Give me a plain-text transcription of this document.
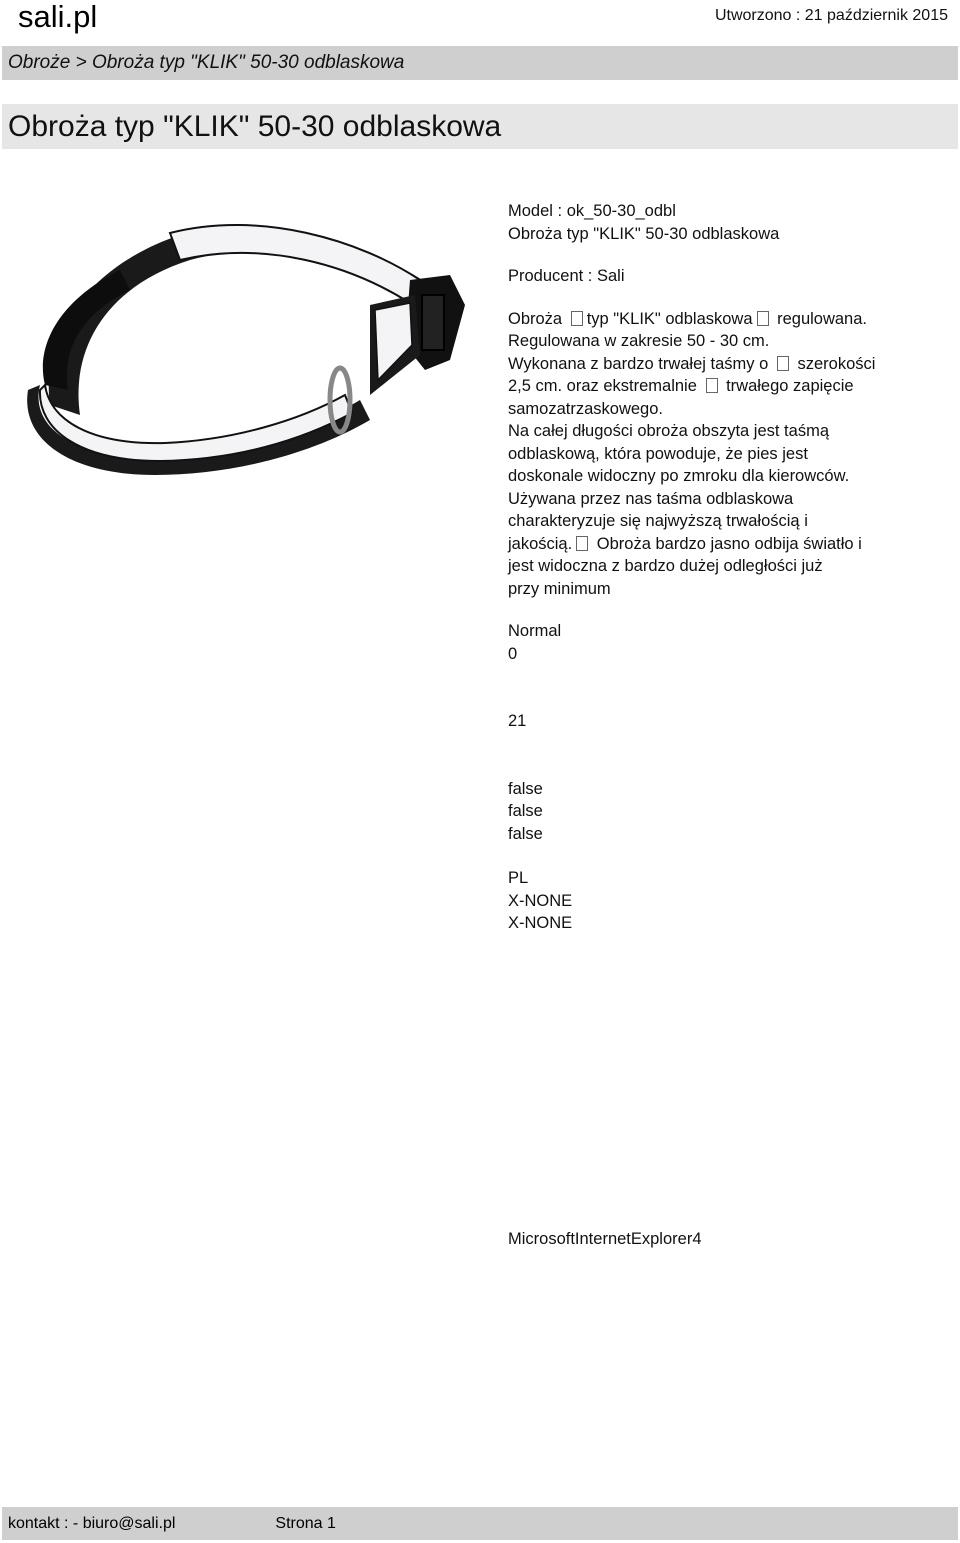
sali.pl	Utworzono : 21 październik 2015
Obroże > Obroża typ "KLIK" 50-30 odblaskowa
Obroża typ "KLIK" 50-30 odblaskowa

Model : ok_50-30_odbl

Obroża typ "KLIK" 50-30 odblaskowa

Producent : Sali

Obroża typ "KLIK" odblaskowa regulowana.

Regulowana w zakresie 50 - 30 cm.

Wykonana z bardzo trwałej taśmy o  szerokości

2,5 cm. oraz ekstremalnie  trwałego zapięcie

samozatrzaskowego.

Na całej długości obroża obszyta jest taśmą

odblaskową, która powoduje, że pies jest

doskonale widoczny po zmroku dla kierowców.

Używana przez nas taśma odblaskowa

charakteryzuje się najwyższą trwałością i

jakością. Obroża bardzo jasno odbija światło i

jest widoczna z bardzo dużej odległości już

przy minimum

Normal

0

21

false

false

false

PL

X-NONE

X-NONE

MicrosoftInternetExplorer4

kontakt : - biuro@sali.pl	Strona 1
